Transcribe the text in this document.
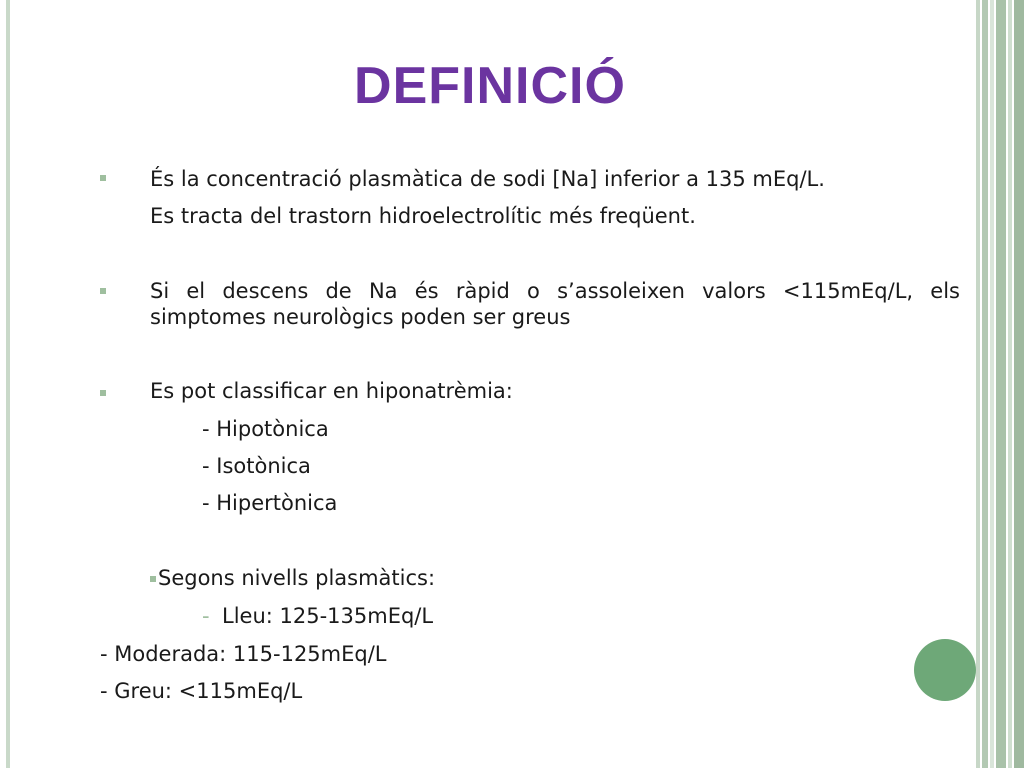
DEFINICIÓ
És la concentració plasmàtica de sodi [Na] inferior a 135 mEq/L.
Es tracta del trastorn hidroelectrolític més freqüent.

Si el descens de Na és ràpid o s’assoleixen valors <115mEq/L, els simptomes neurològics poden ser greus

Es pot classificar en hiponatrèmia:
- Hipotònica
- Isotònica
- Hipertònica
Segons nivells plasmàtics:
- Lleu: 125-135mEq/L
- Moderada: 115-125mEq/L
- Greu: <115mEq/L
